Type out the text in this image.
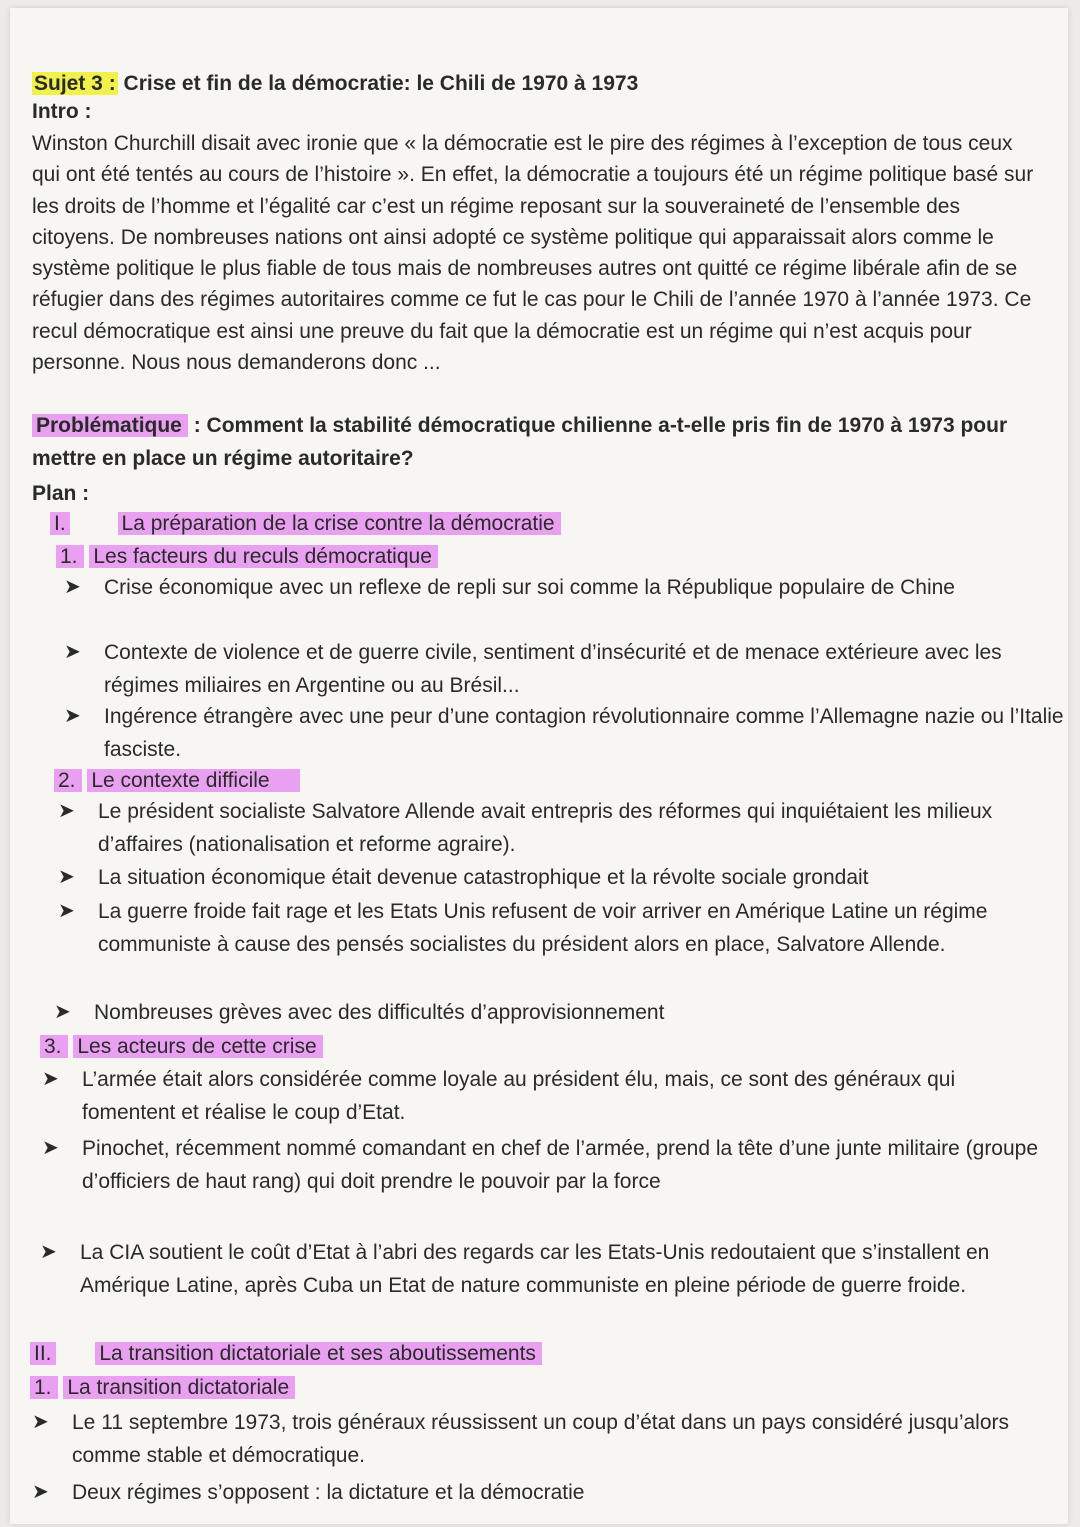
Sujet 3 : Crise et fin de la démocratie: le Chili de 1970 à 1973
Intro :
Winston Churchill disait avec ironie que « la démocratie est le pire des régimes à l’exception de tous ceux qui ont été tentés au cours de l’histoire ». En effet, la démocratie a toujours été un régime politique basé sur les droits de l’homme et l’égalité car c’est un régime reposant sur la souveraineté de l’ensemble des citoyens. De nombreuses nations ont ainsi adopté ce système politique qui apparaissait alors comme le système politique le plus fiable de tous mais de nombreuses autres ont quitté ce régime libérale afin de se réfugier dans des régimes autoritaires comme ce fut le cas pour le Chili de l’année 1970 à l’année 1973. Ce recul démocratique est ainsi une preuve du fait que la démocratie est un régime qui n’est acquis pour personne. Nous nous demanderons donc ...
Problématique : Comment la stabilité démocratique chilienne a-t-elle pris fin de 1970 à 1973 pour mettre en place un régime autoritaire?
Plan :
I.	La préparation de la crise contre la démocratie
1. Les facteurs du reculs démocratique
➤ Crise économique avec un reflexe de repli sur soi comme la République populaire de Chine
➤ Contexte de violence et de guerre civile, sentiment d’insécurité et de menace extérieure avec les régimes miliaires en Argentine ou au Brésil...
➤ Ingérence étrangère avec une peur d’une contagion révolutionnaire comme l’Allemagne nazie ou l’Italie fasciste.
2. Le contexte difficile
➤ Le président socialiste Salvatore Allende avait entrepris des réformes qui inquiétaient les milieux d’affaires (nationalisation et reforme agraire).
➤ La situation économique était devenue catastrophique et la révolte sociale grondait
➤ La guerre froide fait rage et les Etats Unis refusent de voir arriver en Amérique Latine un régime communiste à cause des pensés socialistes du président alors en place, Salvatore Allende.
➤ Nombreuses grèves avec des difficultés d’approvisionnement
3. Les acteurs de cette crise
➤ L’armée était alors considérée comme loyale au président élu, mais, ce sont des généraux qui fomentent et réalise le coup d’Etat.
➤ Pinochet, récemment nommé comandant en chef de l’armée, prend la tête d’une junte militaire (groupe d’officiers de haut rang) qui doit prendre le pouvoir par la force
➤ La CIA soutient le coût d’Etat à l’abri des regards car les Etats-Unis redoutaient que s’installent en Amérique Latine, après Cuba un Etat de nature communiste en pleine période de guerre froide.
II. La transition dictatoriale et ses aboutissements
1. La transition dictatoriale
➤ Le 11 septembre 1973, trois généraux réussissent un coup d’état dans un pays considéré jusqu’alors comme stable et démocratique.
➤ Deux régimes s’opposent : la dictature et la démocratie
